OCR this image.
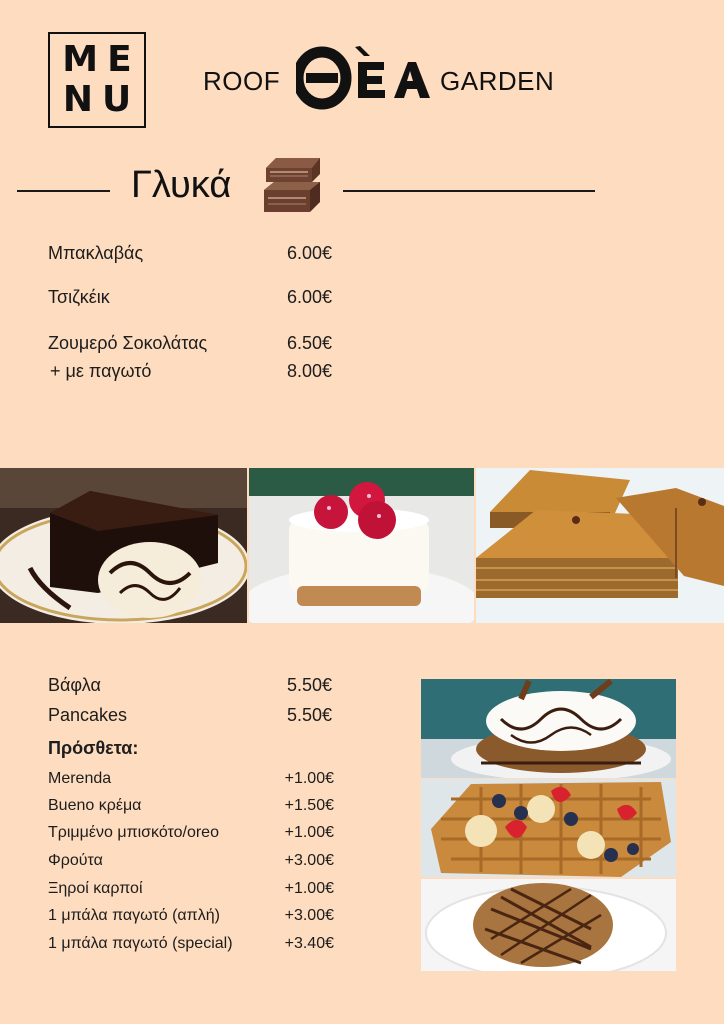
ME
NU ROOF	GARDEN
Γλυκά
Μπακλαβάς	6.00€
Τσιζκέικ	6.00€
Ζουμερό Σοκολάτας	6.50€
+ με παγωτό	8.00€
Βάφλα	5.50€
Pancakes	5.50€
Πρόσθετα:
Merenda	+1.00€
Bueno κρέμα	+1.50€
Τριμμένο μπισκότο/oreo	+1.00€
Φρούτα	+3.00€
Ξηροί καρποί	+1.00€
1 μπάλα παγωτό (απλή)	+3.00€
1 μπάλα παγωτό (special)	+3.40€
